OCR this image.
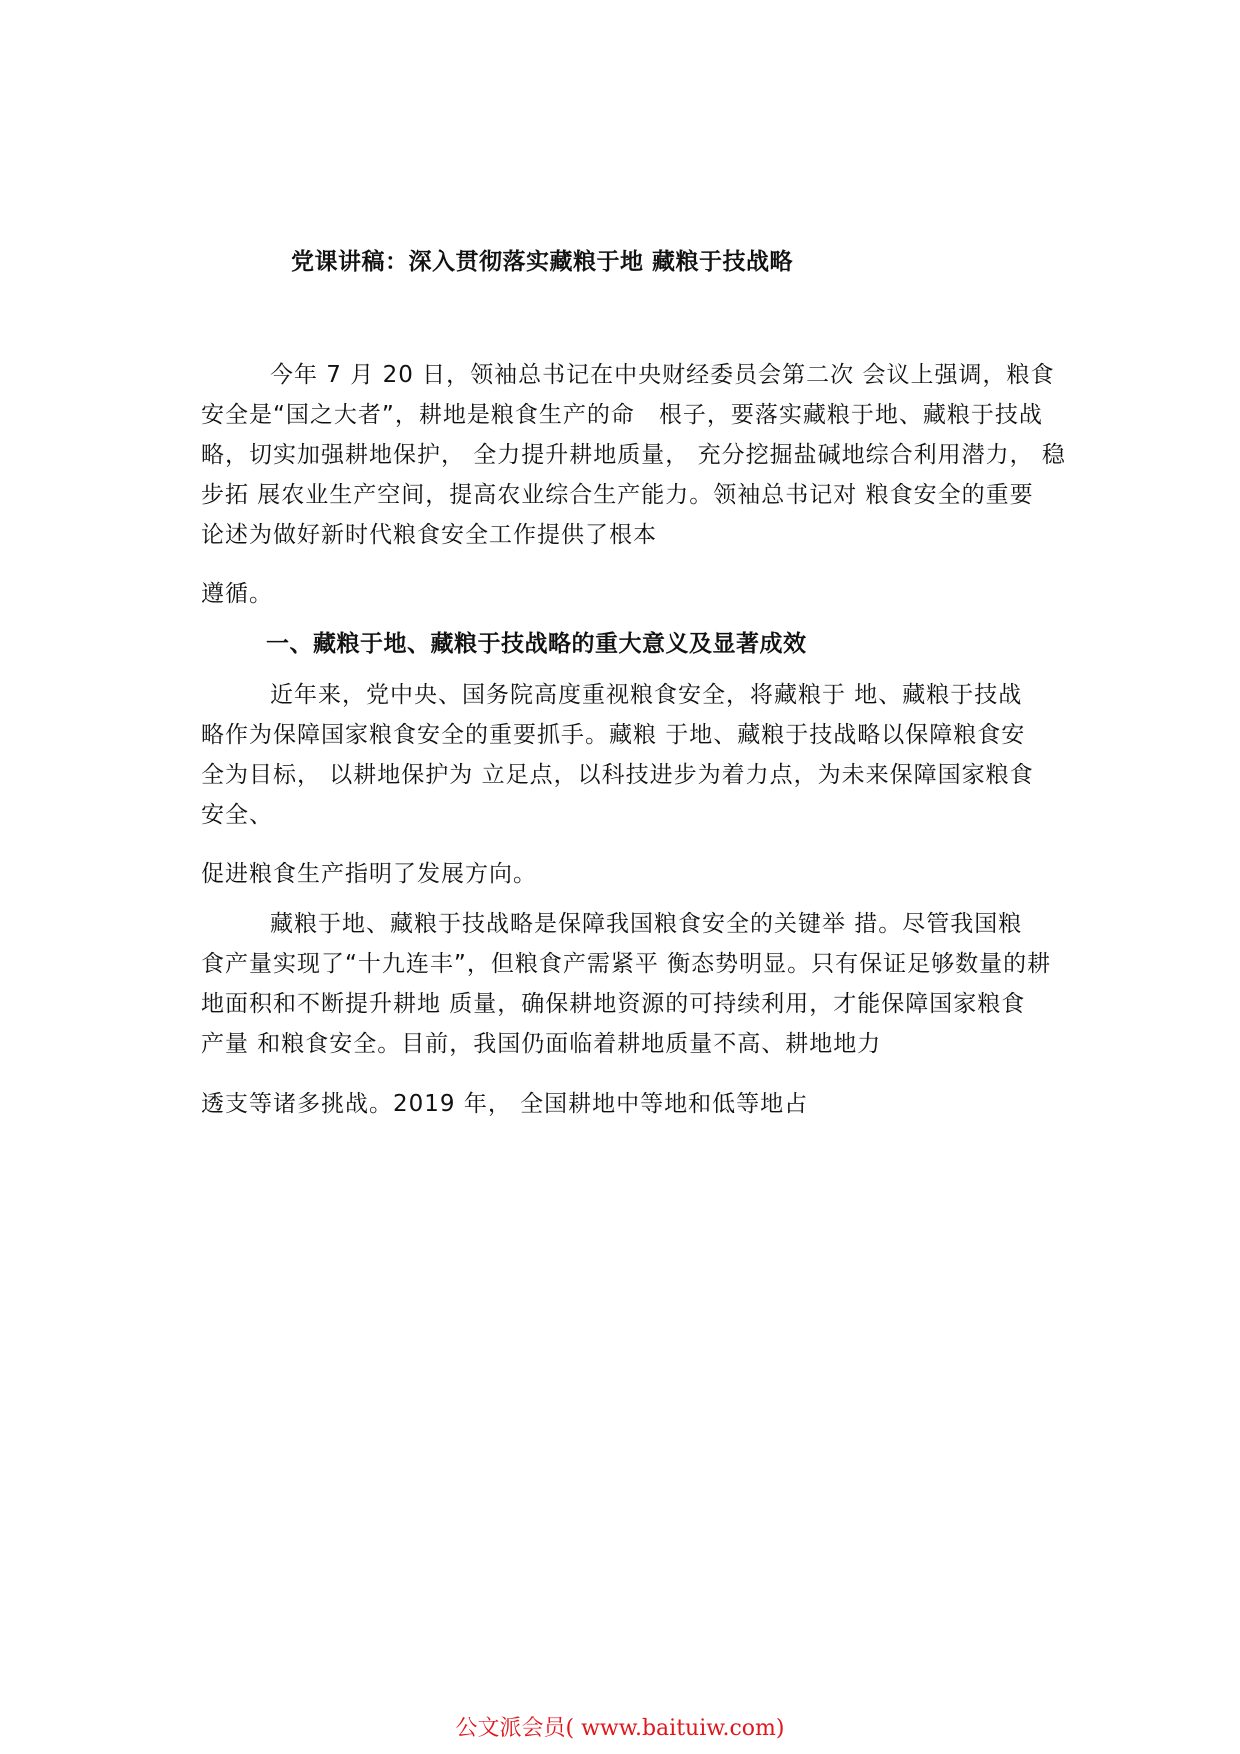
党课讲稿：深入贯彻落实藏粮于地 藏粮于技战略
今年 7 月 20 日，领袖总书记在中央财经委员会第二次 会议上强调，粮食
安全是“国之大者”，耕地是粮食生产的命　根子，要落实藏粮于地、藏粮于技战
略，切实加强耕地保护， 全力提升耕地质量， 充分挖掘盐碱地综合利用潜力， 稳
步拓 展农业生产空间，提高农业综合生产能力。领袖总书记对 粮食安全的重要
论述为做好新时代粮食安全工作提供了根本
遵循。
一、藏粮于地、藏粮于技战略的重大意义及显著成效
近年来，党中央、国务院高度重视粮食安全，将藏粮于 地、藏粮于技战
略作为保障国家粮食安全的重要抓手。藏粮 于地、藏粮于技战略以保障粮食安
全为目标， 以耕地保护为 立足点，以科技进步为着力点，为未来保障国家粮食
安全、
促进粮食生产指明了发展方向。
藏粮于地、藏粮于技战略是保障我国粮食安全的关键举 措。尽管我国粮
食产量实现了“十九连丰”，但粮食产需紧平 衡态势明显。只有保证足够数量的耕
地面积和不断提升耕地 质量，确保耕地资源的可持续利用，才能保障国家粮食
产量 和粮食安全。目前，我国仍面临着耕地质量不高、耕地地力
透支等诸多挑战。2019 年， 全国耕地中等地和低等地占
公文派会员( www.baituiw.com)
